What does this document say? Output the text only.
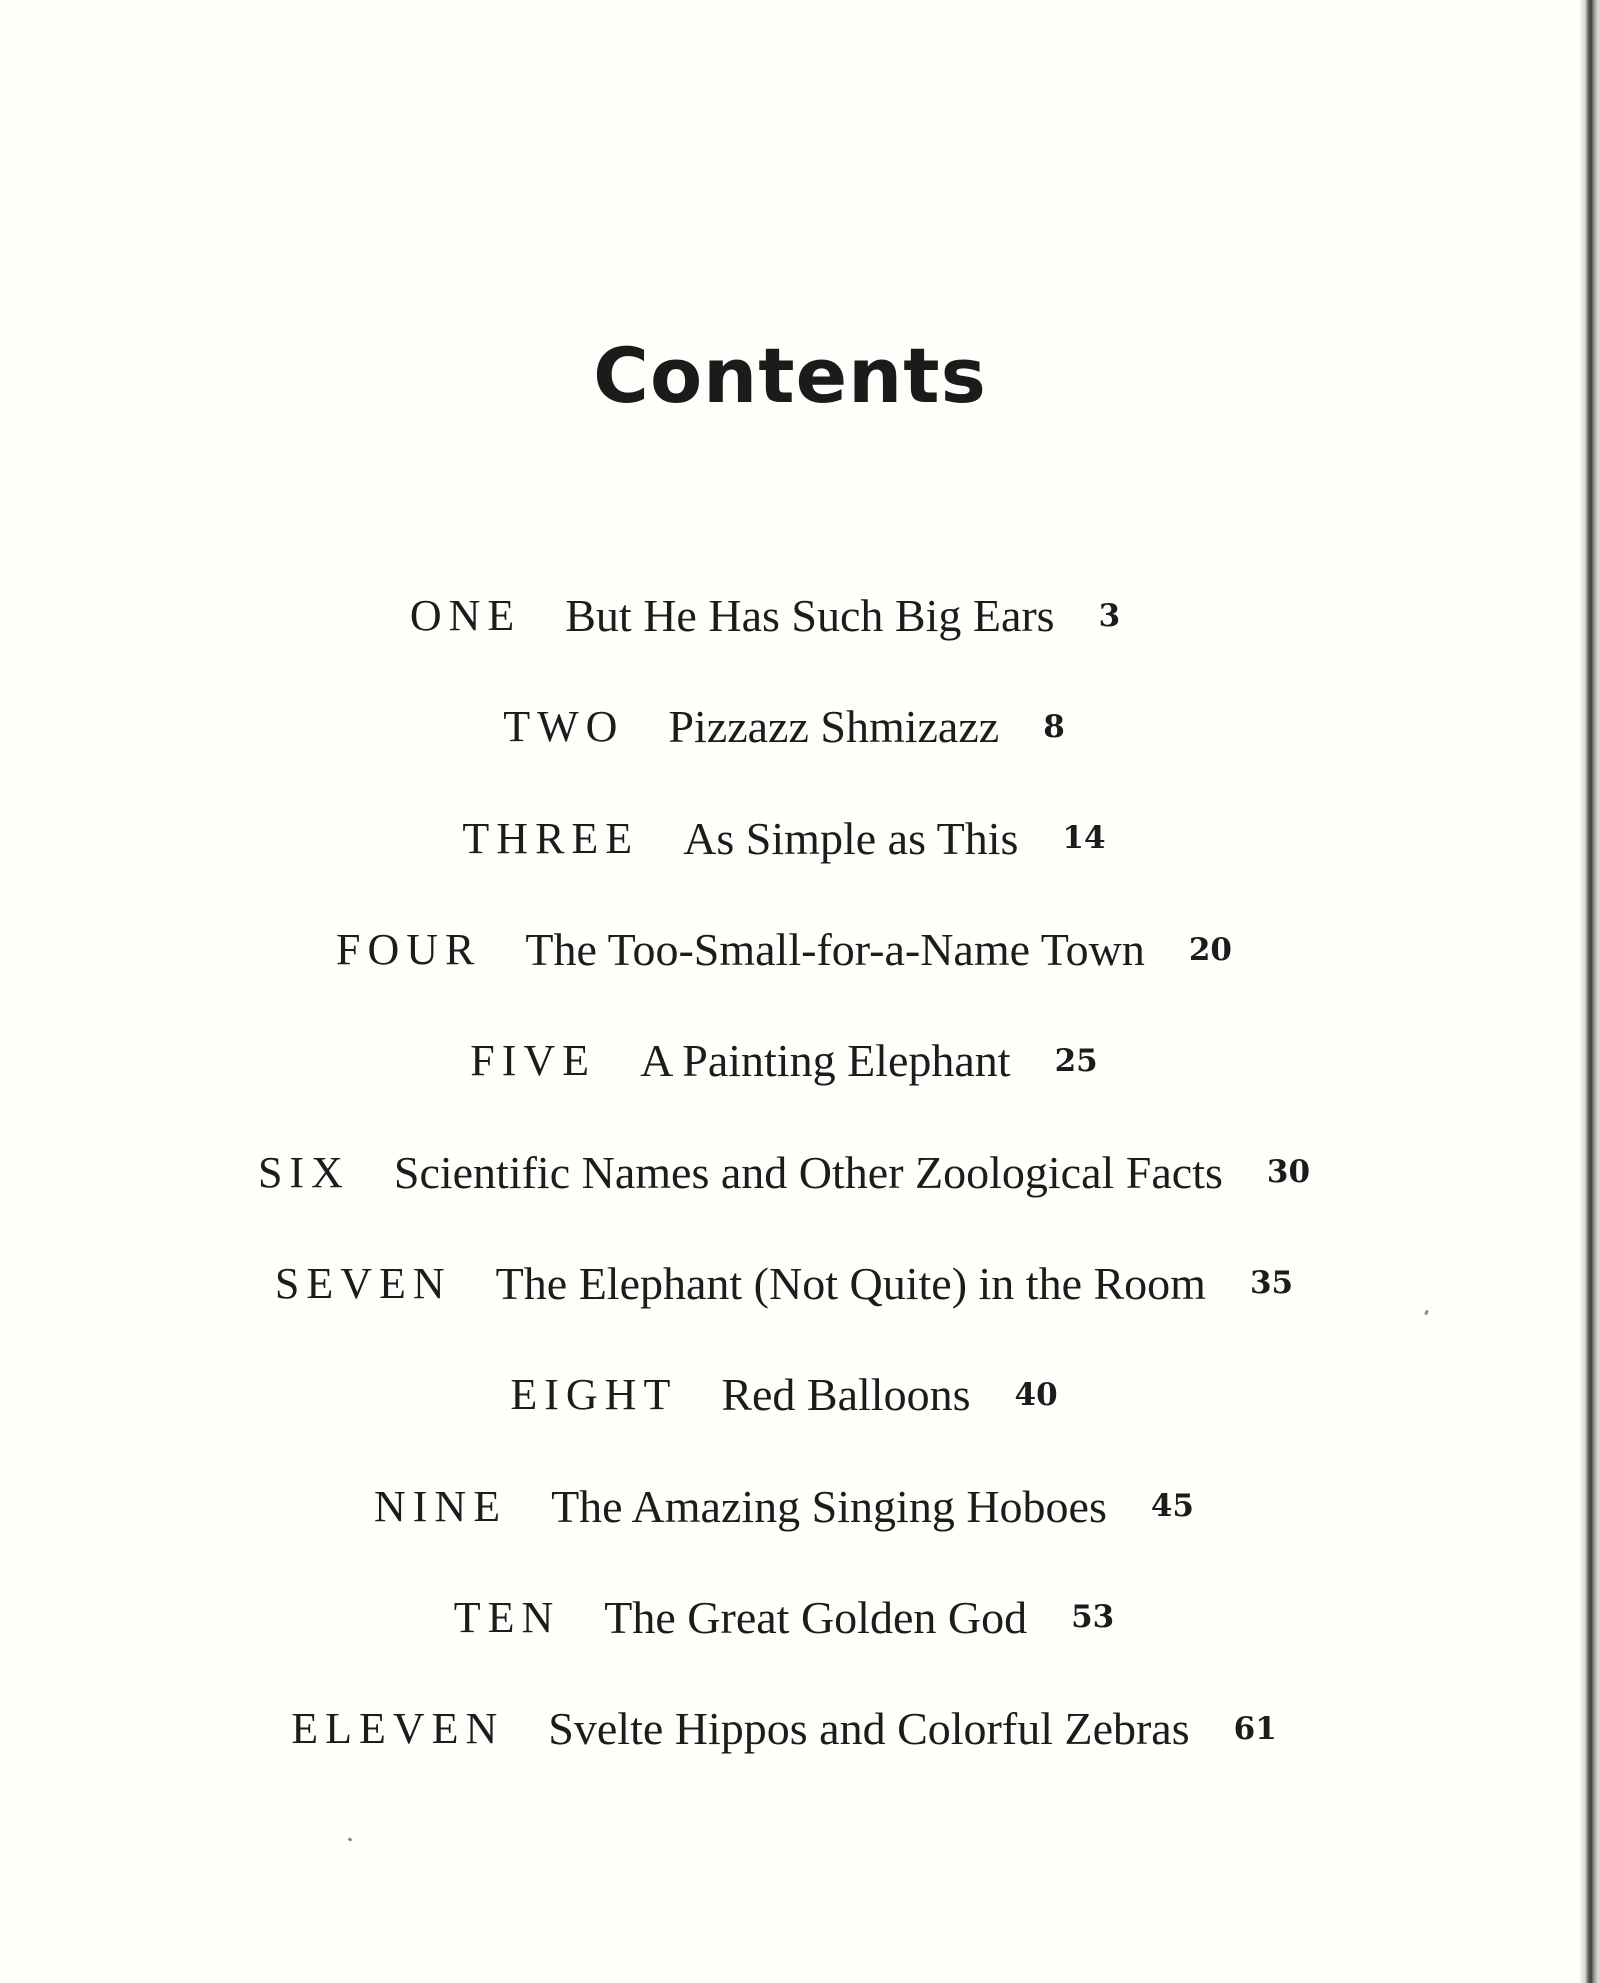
Contents
ONE But He Has Such Big Ears 3
TWO Pizzazz Shmizazz 8
THREE As Simple as This 14
FOUR The Too-Small-for-a-Name Town 20
FIVE A Painting Elephant 25
SIX Scientific Names and Other Zoological Facts 30
SEVEN The Elephant (Not Quite) in the Room 35
EIGHT Red Balloons 40
NINE The Amazing Singing Hoboes 45
TEN The Great Golden God 53
ELEVEN Svelte Hippos and Colorful Zebras 61
